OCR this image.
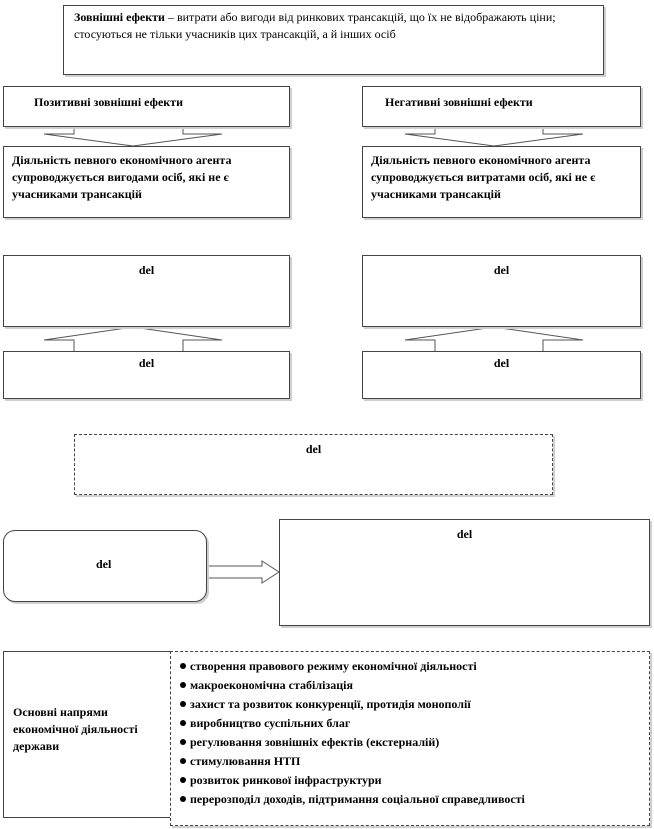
Зовнішні ефекти – витрати або вигоди від ринкових трансакцій, що їх не відображають ціни; стосуються не тільки учасників цих трансакцій, а й інших осіб
Позитивні зовнішні ефекти	Негативні зовнішні ефекти
Діяльність певного економічного агента супроводжується вигодами осіб, які не є учасниками трансакцій
Діяльність певного економічного агента супроводжується витратами осіб, які не є учасниками трансакцій
del	del
del	del
del
del
del
Основні напрями економічної діяльності держави
створення правового режиму економічної діяльності
макроекономічна стабілізація
захист та розвиток конкуренції, протидія монополії
виробництво суспільних благ
регулювання зовнішніх ефектів (екстерналій)
стимулювання НТП
розвиток ринкової інфраструктури
перерозподіл доходів, підтримання соціальної справедливості
